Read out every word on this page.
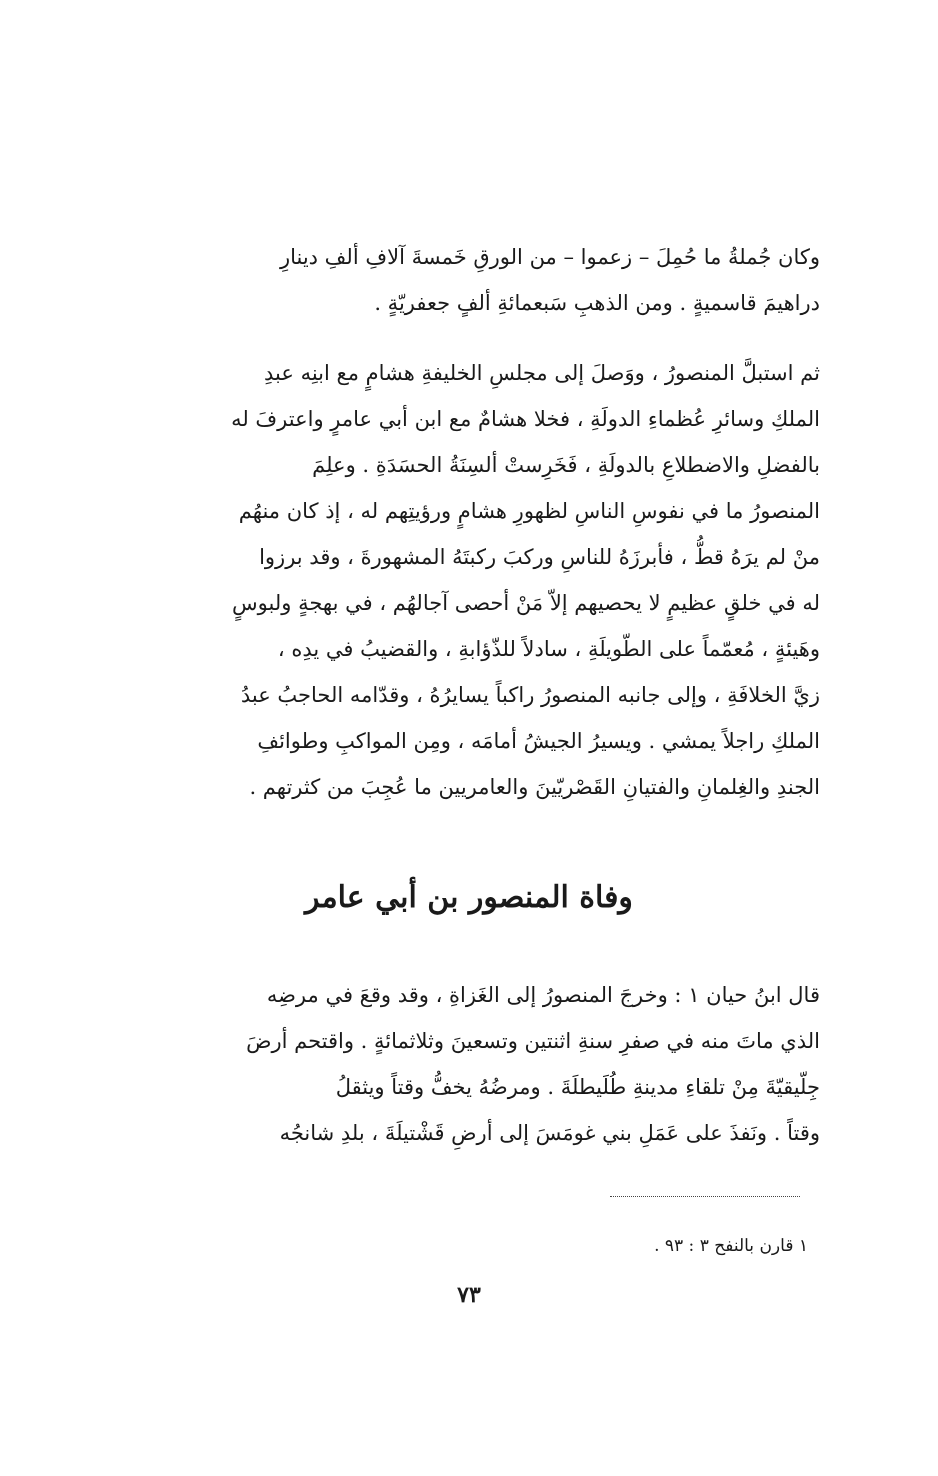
وكان جُملةُ ما حُمِلَ – زعموا – من الورقِ خَمسةَ آلافِ ألفِ دينارِ
دراهيمَ قاسميةٍ . ومن الذهبِ سَبعمائةِ ألفٍ جعفريّةٍ .
ثم استبلَّ المنصورُ ، ووَصلَ إلى مجلسِ الخليفةِ هشامٍ مع ابنِه عبدِ
الملكِ وسائرِ عُظماءِ الدولَةِ ، فخلا هشامٌ مع ابن أبي عامرٍ واعترفَ له
بالفضلِ والاضطلاعِ بالدولَةِ ، فَخَرِستْ ألسِنَةُ الحسَدَةِ . وعلِمَ
المنصورُ ما في نفوسِ الناسِ لظهورِ هشامٍ ورؤيتِهم له ، إذ كان منهُم
منْ لم يرَهُ قطُّ ، فأبرزَهُ للناسِ وركبَ ركبتَهُ المشهورةَ ، وقد برزوا
له في خلقٍ عظيمٍ لا يحصيهم إلاّ مَنْ أحصى آجالهُم ، في بهجةٍ ولبوسٍ
وهَيئةٍ ، مُعمّماً على الطّويلَةِ ، سادلاً للذّؤابةِ ، والقضيبُ في يدِه ،
زيَّ الخلافَةِ ، وإلى جانبه المنصورُ راكباً يسايرُهُ ، وقدّامه الحاجبُ عبدُ
الملكِ راجلاً يمشي . ويسيرُ الجيشُ أمامَه ، ومِن المواكبِ وطوائفِ
الجندِ والغِلمانِ والفتيانِ القَصْريّينَ والعامريين ما عُجِبَ من كثرتهم .
وفاة المنصور بن أبي عامر
قال ابنُ حيان ١ : وخرجَ المنصورُ إلى الغَزاةِ ، وقد وقعَ في مرضِه
الذي ماتَ منه في صفرِ سنةِ اثنتين وتسعينَ وثلاثمائةٍ . واقتحم أرضَ
جِلّيقيّةَ مِنْ تلقاءِ مدينةِ طُلَيطلَةَ . ومرضُهُ يخفُّ وقتاً ويثقلُ
وقتاً . ونَفذَ على عَمَلِ بني غومَسَ إلى أرضِ قَشْتيلَةَ ، بلدِ شانجُه
١ قارن بالنفح ٣ : ٩٣ .
٧٣
